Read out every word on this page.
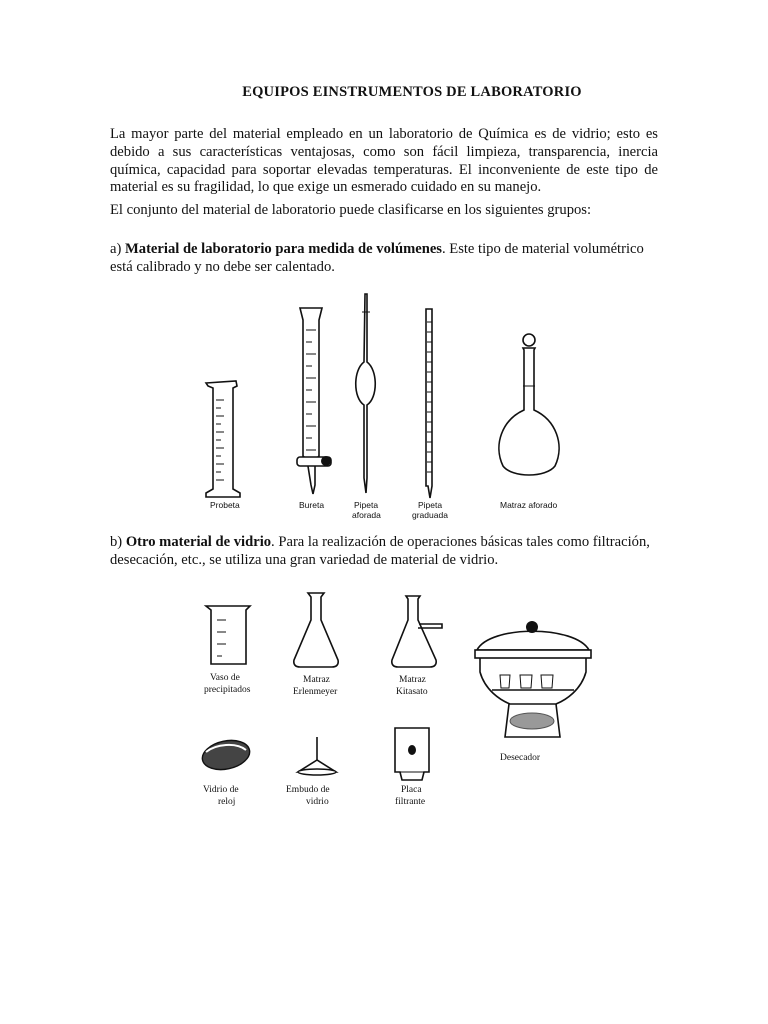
EQUIPOS EINSTRUMENTOS DE LABORATORIO
La mayor parte del material empleado en un laboratorio de Química es de vidrio; esto es debido a sus características ventajosas, como son fácil limpieza, transparencia, inercia química, capacidad para soportar elevadas temperaturas. El inconveniente de este tipo de material es su fragilidad, lo que exige un esmerado cuidado en su manejo.
El conjunto del material de laboratorio puede clasificarse en los siguientes grupos:
a) Material de laboratorio para medida de volúmenes. Este tipo de material volumétrico está calibrado y no debe ser calentado.
b) Otro material de vidrio. Para la realización de operaciones básicas tales como filtración, desecación, etc., se utiliza una gran variedad de material de vidrio.
Probeta	Bureta	Pipeta
aforada
Pipeta
graduada
Matraz aforado
Vaso de
precipitados
Matraz
Erlenmeyer
Matraz
Kitasato
Desecador
Vidrio de
reloj
Embudo de
vidrio
Placa
filtrante
